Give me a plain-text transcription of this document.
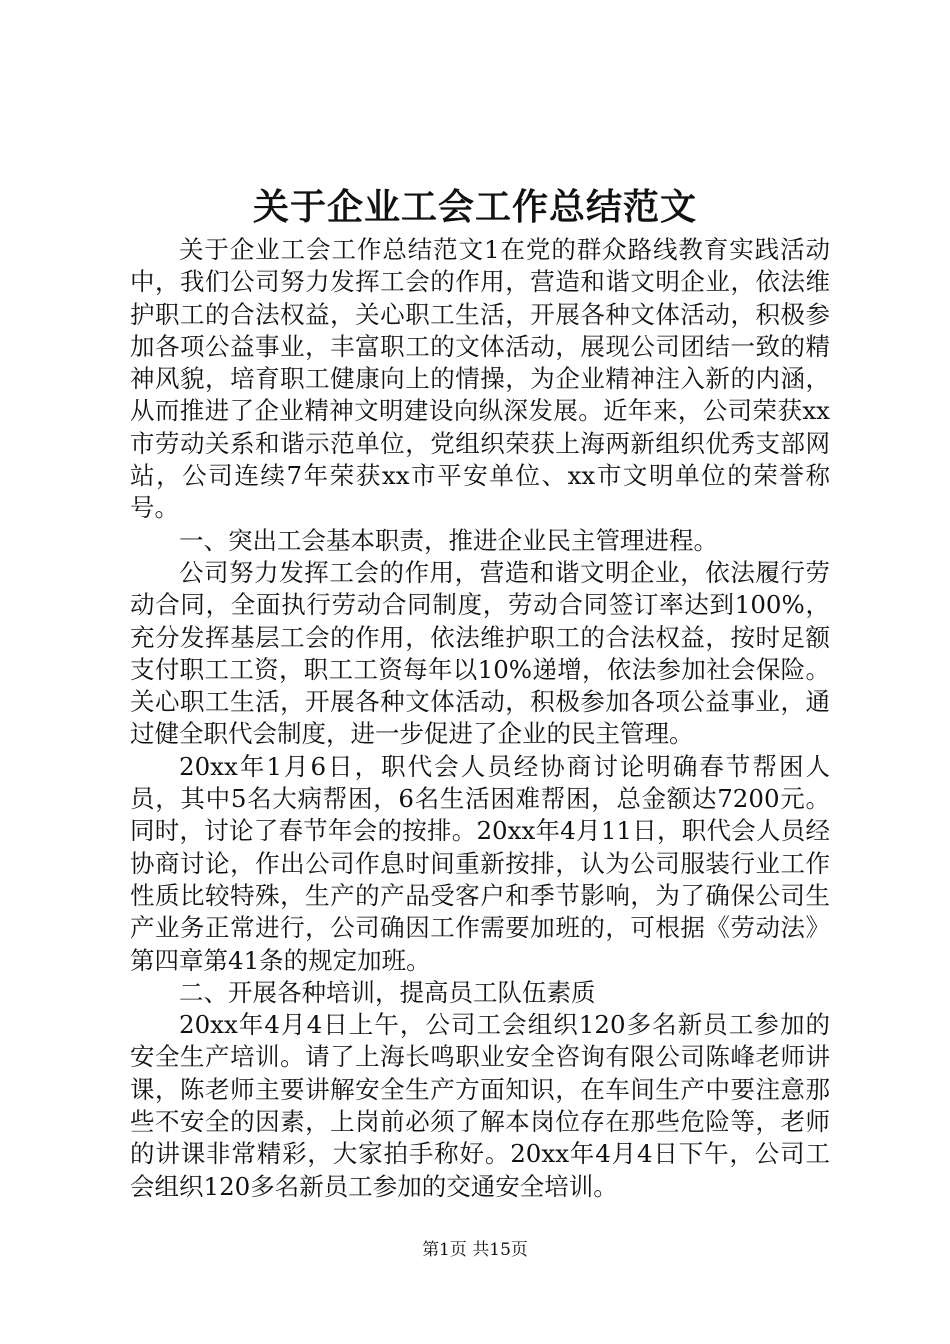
关于企业工会工作总结范文

关于企业工会工作总结范文1在党的群众路线教育实践活动中，我们公司努力发挥工会的作用，营造和谐文明企业，依法维护职工的合法权益，关心职工生活，开展各种文体活动，积极参加各项公益事业，丰富职工的文体活动，展现公司团结一致的精神风貌，培育职工健康向上的情操，为企业精神注入新的内涵，从而推进了企业精神文明建设向纵深发展。近年来，公司荣获xx市劳动关系和谐示范单位，党组织荣获上海两新组织优秀支部网站，公司连续7年荣获xx市平安单位、xx市文明单位的荣誉称号。

一、突出工会基本职责，推进企业民主管理进程。

公司努力发挥工会的作用，营造和谐文明企业，依法履行劳动合同，全面执行劳动合同制度，劳动合同签订率达到100%，充分发挥基层工会的作用，依法维护职工的合法权益，按时足额支付职工工资，职工工资每年以10%递增，依法参加社会保险。关心职工生活，开展各种文体活动，积极参加各项公益事业，通过健全职代会制度，进一步促进了企业的民主管理。

20xx年1月6日，职代会人员经协商讨论明确春节帮困人员，其中5名大病帮困，6名生活困难帮困，总金额达7200元。同时，讨论了春节年会的按排。20xx年4月11日，职代会人员经协商讨论，作出公司作息时间重新按排，认为公司服装行业工作性质比较特殊，生产的产品受客户和季节影响，为了确保公司生产业务正常进行，公司确因工作需要加班的，可根据《劳动法》第四章第41条的规定加班。

二、开展各种培训，提高员工队伍素质

20xx年4月4日上午，公司工会组织120多名新员工参加的安全生产培训。请了上海长鸣职业安全咨询有限公司陈峰老师讲课，陈老师主要讲解安全生产方面知识，在车间生产中要注意那些不安全的因素，上岗前必须了解本岗位存在那些危险等，老师的讲课非常精彩，大家拍手称好。20xx年4月4日下午，公司工会组织120多名新员工参加的交通安全培训。

第1页 共15页
